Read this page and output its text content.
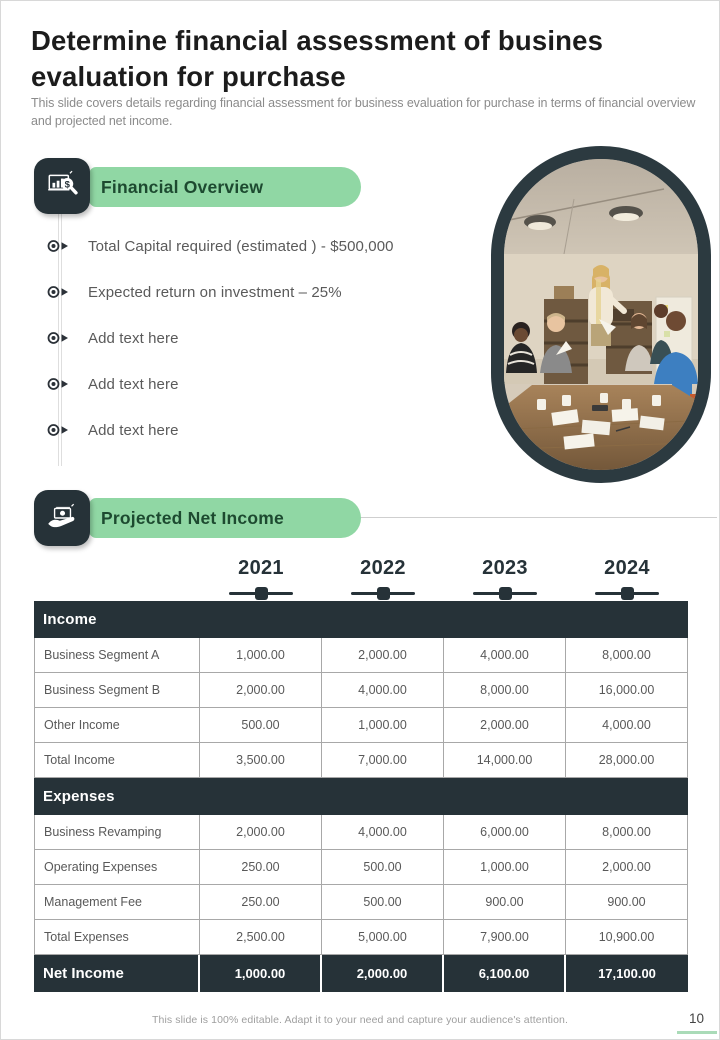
Determine financial assessment of busines
evaluation for purchase
This slide covers details regarding financial assessment for business evaluation for purchase in terms of financial overview and projected net income.
$	Financial Overview
Total Capital required (estimated ) - $500,000
Expected return on investment – 25%
Add text here
Add text here
Add text here
Projected Net Income
2021	2022	2023	2024
Income
Business Segment A	1,000.00	2,000.00	4,000.00	8,000.00
Business Segment B	2,000.00	4,000.00	8,000.00	16,000.00
Other Income	500.00	1,000.00	2,000.00	4,000.00
Total Income	3,500.00	7,000.00	14,000.00	28,000.00
Expenses
Business Revamping	2,000.00	4,000.00	6,000.00	8,000.00
Operating Expenses	250.00	500.00	1,000.00	2,000.00
Management Fee	250.00	500.00	900.00	900.00
Total Expenses	2,500.00	5,000.00	7,900.00	10,900.00
Net Income	1,000.00	2,000.00	6,100.00	17,100.00
This slide is 100% editable. Adapt it to your need and capture your audience's attention.	10
